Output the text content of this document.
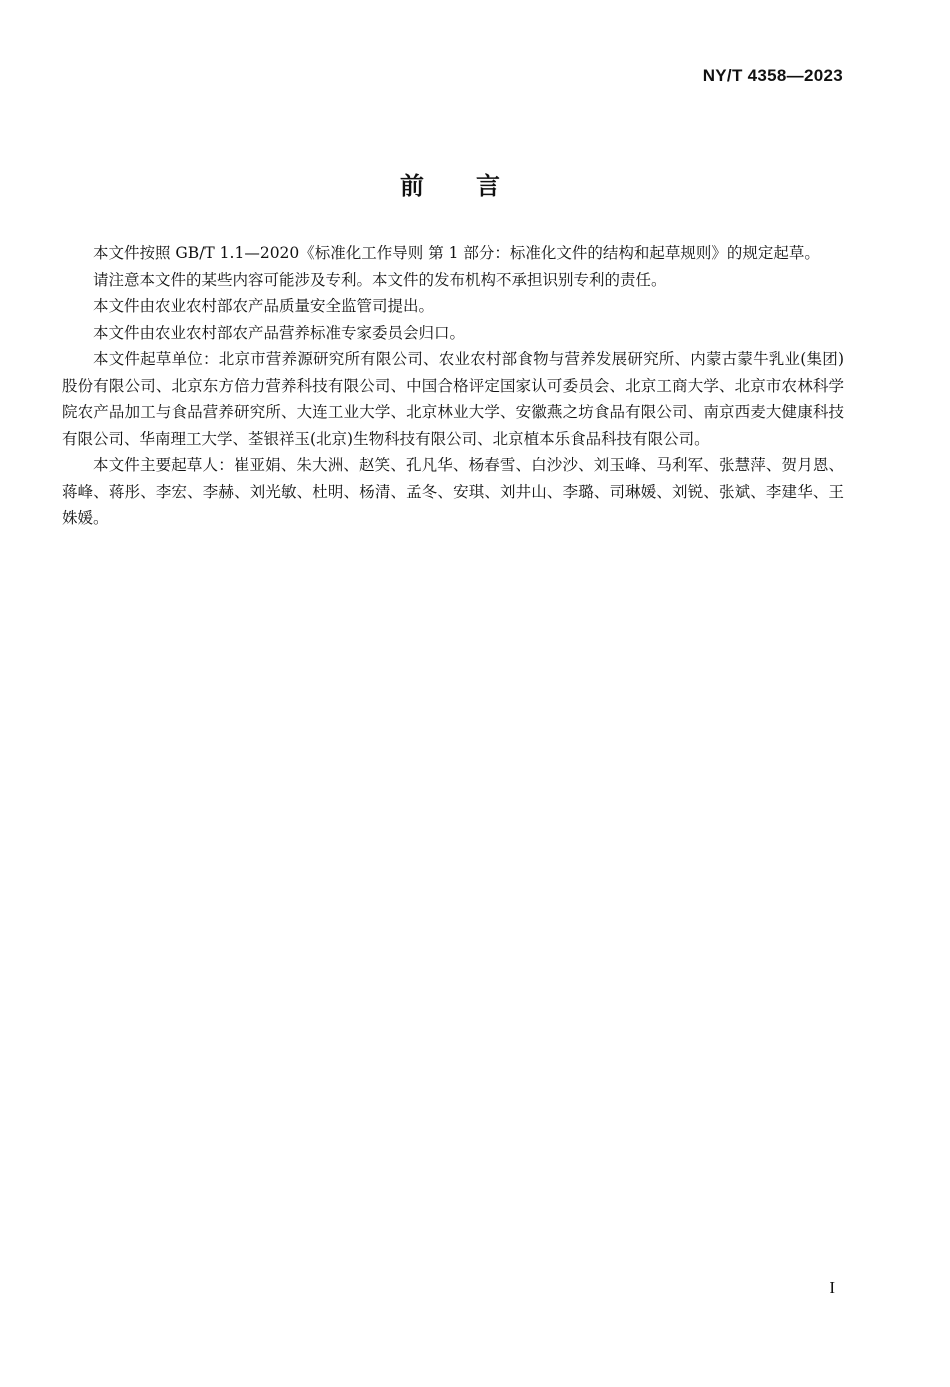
NY/T 4358—2023
前言

本文件按照 GB/T 1.1—2020《标准化工作导则 第 1 部分：标准化文件的结构和起草规则》的规定起草。

请注意本文件的某些内容可能涉及专利。本文件的发布机构不承担识别专利的责任。

本文件由农业农村部农产品质量安全监管司提出。

本文件由农业农村部农产品营养标准专家委员会归口。

本文件起草单位：北京市营养源研究所有限公司、农业农村部食物与营养发展研究所、内蒙古蒙牛乳业(集团)股份有限公司、北京东方倍力营养科技有限公司、中国合格评定国家认可委员会、北京工商大学、北京市农林科学院农产品加工与食品营养研究所、大连工业大学、北京林业大学、安徽燕之坊食品有限公司、南京西麦大健康科技有限公司、华南理工大学、荃银祥玉(北京)生物科技有限公司、北京植本乐食品科技有限公司。

本文件主要起草人：崔亚娟、朱大洲、赵笑、孔凡华、杨春雪、白沙沙、刘玉峰、马利军、张慧萍、贺月恩、蒋峰、蒋彤、李宏、李赫、刘光敏、杜明、杨清、孟冬、安琪、刘井山、李璐、司琳媛、刘锐、张斌、李建华、王姝媛。

I
